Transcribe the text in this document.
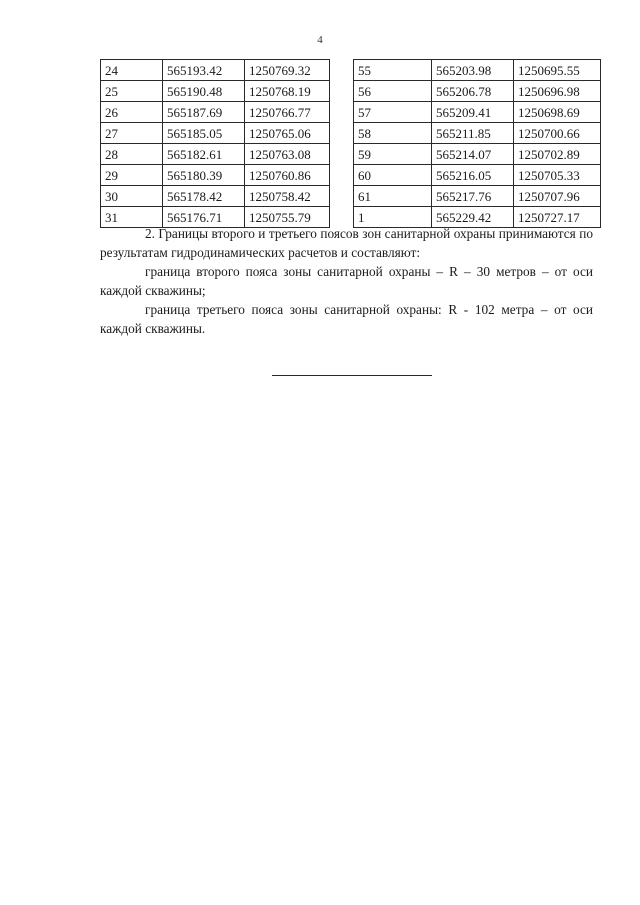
4
24	565193.42	1250769.32
25	565190.48	1250768.19
26	565187.69	1250766.77
27	565185.05	1250765.06
28	565182.61	1250763.08
29	565180.39	1250760.86
30	565178.42	1250758.42
31	565176.71	1250755.79
55	565203.98	1250695.55
56	565206.78	1250696.98
57	565209.41	1250698.69
58	565211.85	1250700.66
59	565214.07	1250702.89
60	565216.05	1250705.33
61	565217.76	1250707.96
1	565229.42	1250727.17

2. Границы второго и третьего поясов зон санитарной охраны принимаются по результатам гидродинамических расчетов и составляют:

граница второго пояса зоны санитарной охраны – R – 30 метров – от оси каждой скважины;

граница третьего пояса зоны санитарной охраны: R - 102 метра – от оси каждой скважины.
